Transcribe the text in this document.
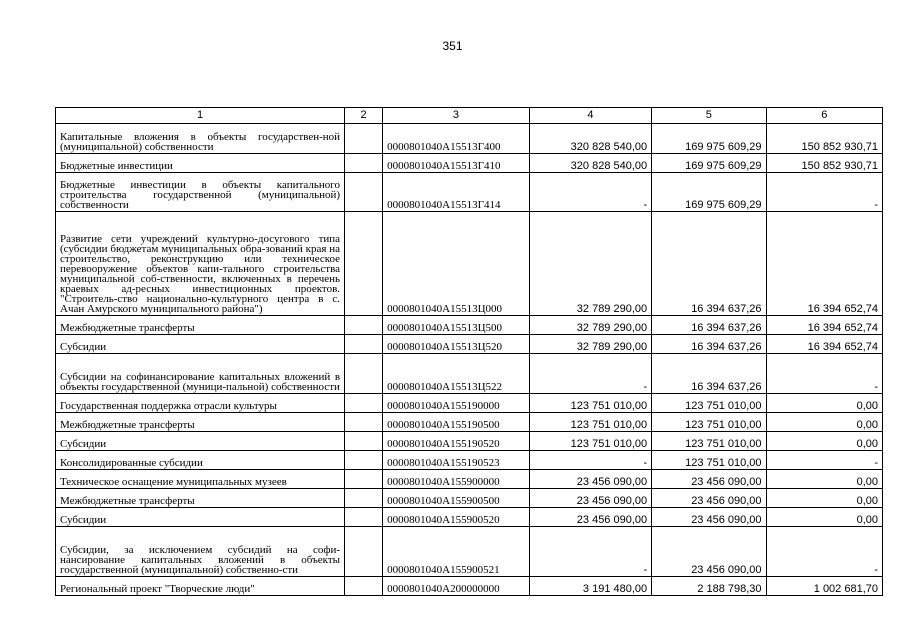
351
1	2	3	4	5	6
Капитальные вложения в объекты государствен-ной (муниципальной) собственности		0000801040А15513Г400	320 828 540,00	169 975 609,29	150 852 930,71
Бюджетные инвестиции		0000801040А15513Г410	320 828 540,00	169 975 609,29	150 852 930,71
Бюджетные инвестиции в объекты капитального строительства государственной (муниципальной) собственности		0000801040А15513Г414	-	169 975 609,29	-
Развитие сети учреждений культурно-досугового типа (субсидии бюджетам муниципальных обра-зований края на строительство, реконструкцию или техническое перевооружение объектов капи-тального строительства муниципальной соб-ственности, включенных в перечень краевых ад-ресных инвестиционных проектов. "Строитель-ство национально-культурного центра в с. Ачан Амурского муниципального района")		0000801040А15513Ц000	32 789 290,00	16 394 637,26	16 394 652,74
Межбюджетные трансферты		0000801040А15513Ц500	32 789 290,00	16 394 637,26	16 394 652,74
Субсидии		0000801040А15513Ц520	32 789 290,00	16 394 637,26	16 394 652,74
Субсидии на софинансирование капитальных вложений в объекты государственной (муници-пальной) собственности		0000801040А15513Ц522	-	16 394 637,26	-
Государственная поддержка отрасли культуры		0000801040А155190000	123 751 010,00	123 751 010,00	0,00
Межбюджетные трансферты		0000801040А155190500	123 751 010,00	123 751 010,00	0,00
Субсидии		0000801040А155190520	123 751 010,00	123 751 010,00	0,00
Консолидированные субсидии		0000801040А155190523	-	123 751 010,00	-
Техническое оснащение муниципальных музеев		0000801040А155900000	23 456 090,00	23 456 090,00	0,00
Межбюджетные трансферты		0000801040А155900500	23 456 090,00	23 456 090,00	0,00
Субсидии		0000801040А155900520	23 456 090,00	23 456 090,00	0,00
Субсидии, за исключением субсидий на софи-нансирование капитальных вложений в объекты государственной (муниципальной) собственно-сти		0000801040А155900521	-	23 456 090,00	-
Региональный проект "Творческие люди"		0000801040А200000000	3 191 480,00	2 188 798,30	1 002 681,70
